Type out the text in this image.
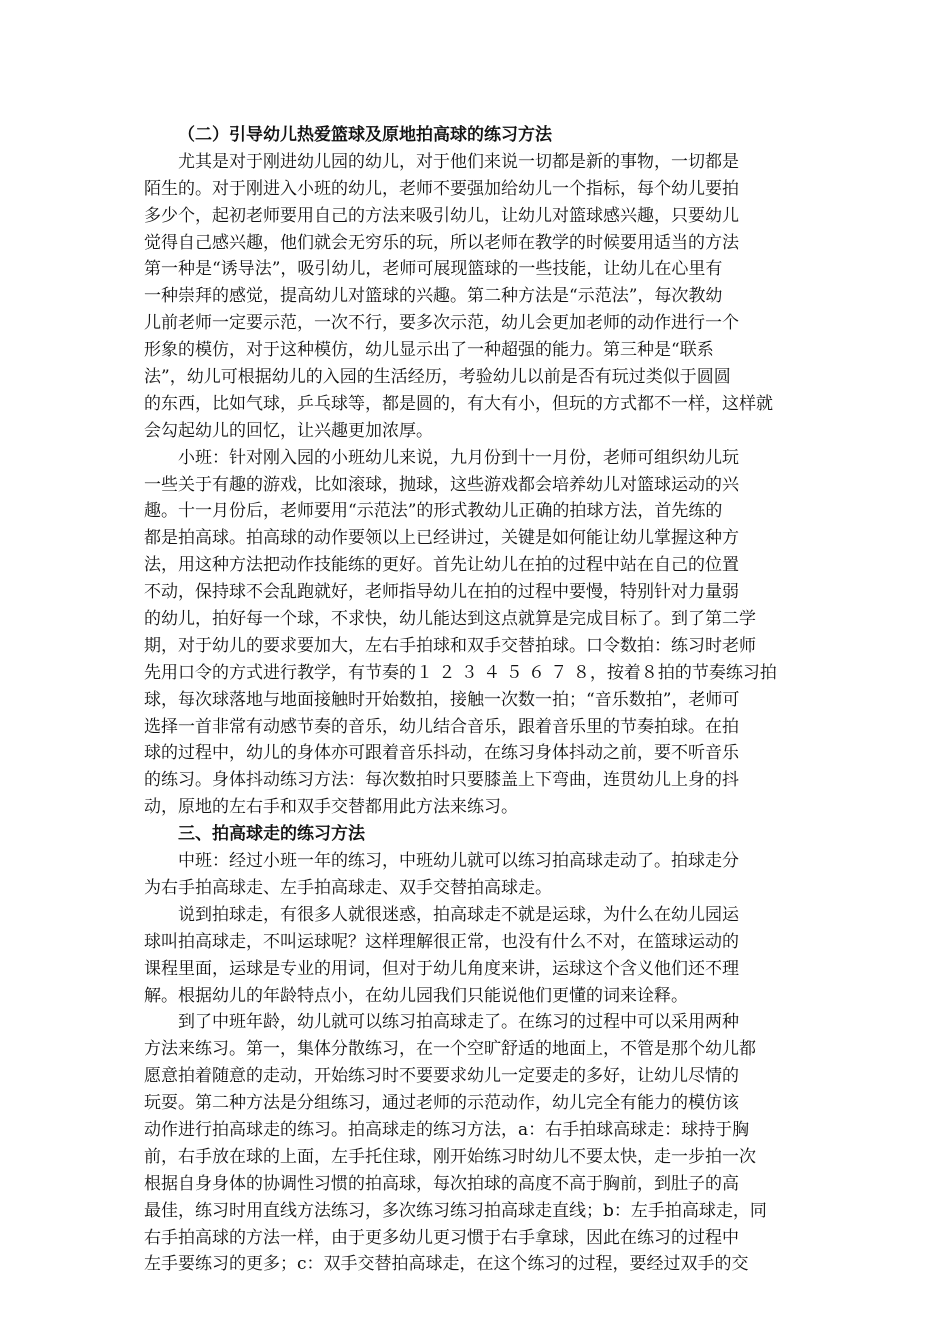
（二）引导幼儿热爱篮球及原地拍高球的练习方法
尤其是对于刚进幼儿园的幼儿，对于他们来说一切都是新的事物，一切都是
陌生的。对于刚进入小班的幼儿，老师不要强加给幼儿一个指标，每个幼儿要拍
多少个，起初老师要用自己的方法来吸引幼儿，让幼儿对篮球感兴趣，只要幼儿
觉得自己感兴趣，他们就会无穷乐的玩，所以老师在教学的时候要用适当的方法
第一种是“诱导法”，吸引幼儿，老师可展现篮球的一些技能，让幼儿在心里有
一种崇拜的感觉，提高幼儿对篮球的兴趣。第二种方法是“示范法”，每次教幼
儿前老师一定要示范，一次不行，要多次示范，幼儿会更加老师的动作进行一个
形象的模仿，对于这种模仿，幼儿显示出了一种超强的能力。第三种是“联系
法”，幼儿可根据幼儿的入园的生活经历，考验幼儿以前是否有玩过类似于圆圆
的东西，比如气球，乒乓球等，都是圆的，有大有小，但玩的方式都不一样，这样就
会勾起幼儿的回忆，让兴趣更加浓厚。
小班：针对刚入园的小班幼儿来说，九月份到十一月份，老师可组织幼儿玩
一些关于有趣的游戏，比如滚球，抛球，这些游戏都会培养幼儿对篮球运动的兴
趣。十一月份后，老师要用“示范法”的形式教幼儿正确的拍球方法，首先练的
都是拍高球。拍高球的动作要领以上已经讲过，关键是如何能让幼儿掌握这种方
法，用这种方法把动作技能练的更好。首先让幼儿在拍的过程中站在自己的位置
不动，保持球不会乱跑就好，老师指导幼儿在拍的过程中要慢，特别针对力量弱
的幼儿，拍好每一个球，不求快，幼儿能达到这点就算是完成目标了。到了第二学
期，对于幼儿的要求要加大，左右手拍球和双手交替拍球。口令数拍：练习时老师
先用口令的方式进行教学，有节奏的１ ２ ３ ４ ５ ６ ７ ８，按着８拍的节奏练习拍
球，每次球落地与地面接触时开始数拍，接触一次数一拍；“音乐数拍”，老师可
选择一首非常有动感节奏的音乐，幼儿结合音乐，跟着音乐里的节奏拍球。在拍
球的过程中，幼儿的身体亦可跟着音乐抖动，在练习身体抖动之前，要不听音乐
的练习。身体抖动练习方法：每次数拍时只要膝盖上下弯曲，连贯幼儿上身的抖
动，原地的左右手和双手交替都用此方法来练习。
三、拍高球走的练习方法
中班：经过小班一年的练习，中班幼儿就可以练习拍高球走动了。拍球走分
为右手拍高球走、左手拍高球走、双手交替拍高球走。
说到拍球走，有很多人就很迷惑，拍高球走不就是运球，为什么在幼儿园运
球叫拍高球走，不叫运球呢？这样理解很正常，也没有什么不对，在篮球运动的
课程里面，运球是专业的用词，但对于幼儿角度来讲，运球这个含义他们还不理
解。根据幼儿的年龄特点小，在幼儿园我们只能说他们更懂的词来诠释。
到了中班年龄，幼儿就可以练习拍高球走了。在练习的过程中可以采用两种
方法来练习。第一，集体分散练习，在一个空旷舒适的地面上，不管是那个幼儿都
愿意拍着随意的走动，开始练习时不要要求幼儿一定要走的多好，让幼儿尽情的
玩耍。第二种方法是分组练习，通过老师的示范动作，幼儿完全有能力的模仿该
动作进行拍高球走的练习。拍高球走的练习方法，a：右手拍球高球走：球持于胸
前，右手放在球的上面，左手托住球，刚开始练习时幼儿不要太快，走一步拍一次
根据自身身体的协调性习惯的拍高球，每次拍球的高度不高于胸前，到肚子的高
最佳，练习时用直线方法练习，多次练习练习拍高球走直线；b：左手拍高球走，同
右手拍高球的方法一样，由于更多幼儿更习惯于右手拿球，因此在练习的过程中
左手要练习的更多；c：双手交替拍高球走，在这个练习的过程，要经过双手的交
